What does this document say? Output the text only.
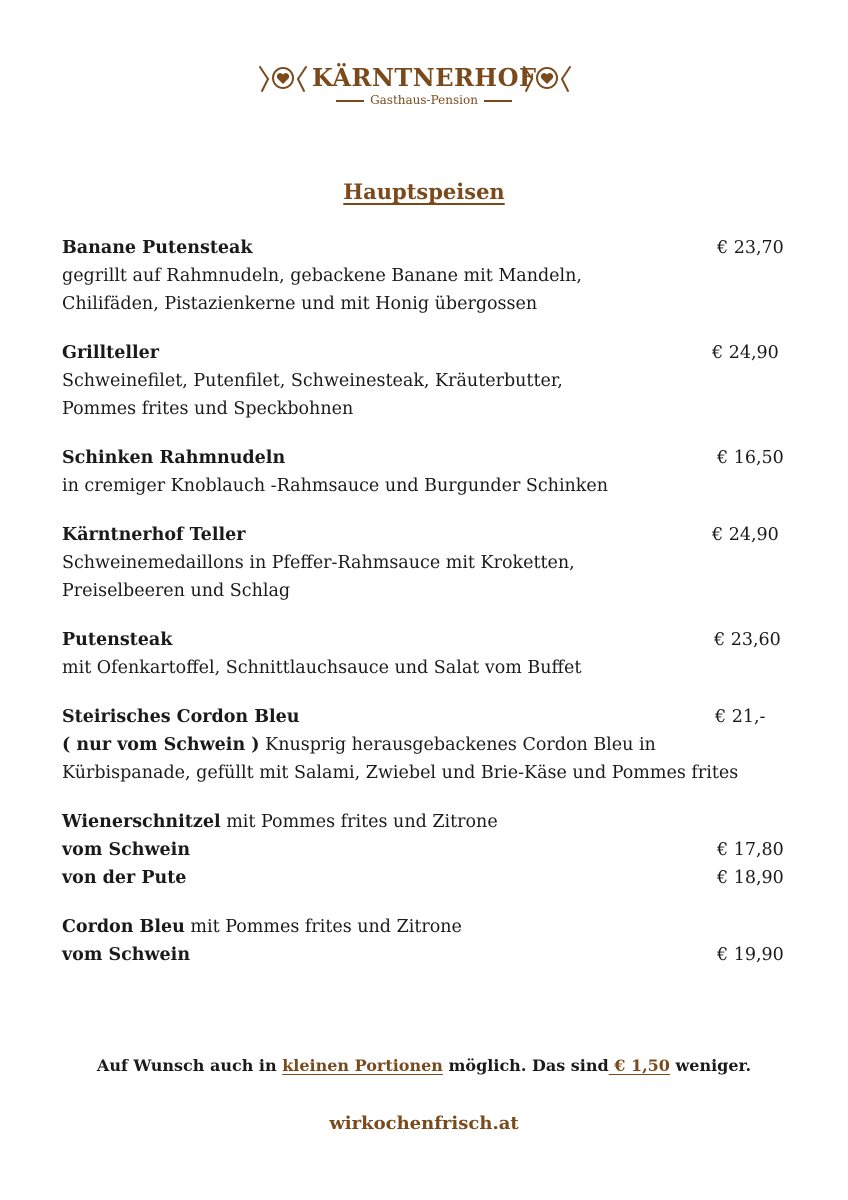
KÄRNTNERHOF
Gasthaus-Pension
Hauptspeisen
Banane Putensteak
gegrillt auf Rahmnudeln, gebackene Banane mit Mandeln,
Chilifäden, Pistazienkerne und mit Honig übergossen
€ 23,70
Grillteller
Schweinefilet, Putenfilet, Schweinesteak, Kräuterbutter,
Pommes frites und Speckbohnen
€ 24,90
Schinken Rahmnudeln
in cremiger Knoblauch -Rahmsauce und Burgunder Schinken
€ 16,50
Kärntnerhof Teller
Schweinemedaillons in Pfeffer-Rahmsauce mit Kroketten,
Preiselbeeren und Schlag
€ 24,90
Putensteak
mit Ofenkartoffel, Schnittlauchsauce und Salat vom Buffet
€ 23,60
Steirisches Cordon Bleu
( nur vom Schwein ) Knusprig herausgebackenes Cordon Bleu in
Kürbispanade, gefüllt mit Salami, Zwiebel und Brie-Käse und Pommes frites
€ 21,-
Wienerschnitzel mit Pommes frites und Zitrone
vom Schwein
von der Pute
€ 17,80
€ 18,90
Cordon Bleu mit Pommes frites und Zitrone
vom Schwein	€ 19,90
Auf Wunsch auch in kleinen Portionen möglich. Das sind € 1,50 weniger.
wirkochenfrisch.at
